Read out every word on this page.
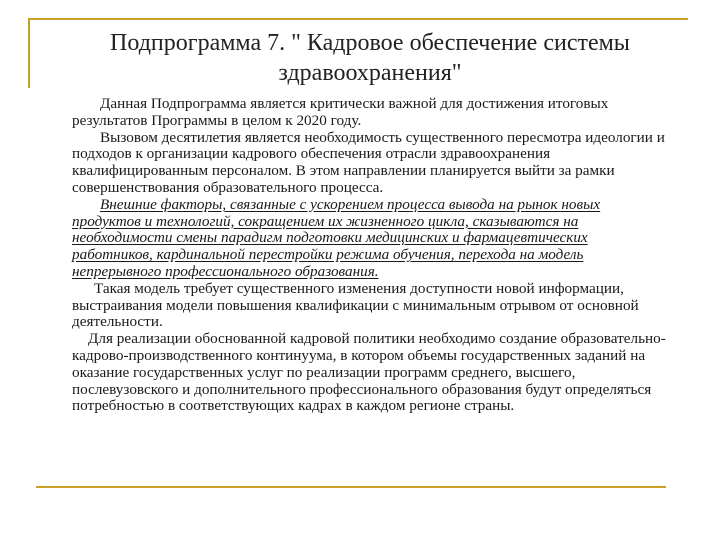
Подпрограмма 7. " Кадровое обеспечение системы здравоохранения"

Данная Подпрограмма является критически важной для достижения итоговых результатов Программы в целом к 2020 году.

Вызовом десятилетия является необходимость существенного пересмотра идеологии и подходов к организации кадрового обеспечения отрасли здравоохранения квалифицированным персоналом. В этом направлении планируется выйти за рамки совершенствования образовательного процесса.

Внешние факторы, связанные с ускорением процесса вывода на рынок новых продуктов и технологий, сокращением их жизненного цикла, сказываются на необходимости смены парадигм подготовки медицинских и фармацевтических работников, кардинальной перестройки режима обучения, перехода на модель непрерывного профессионального образования.

Такая модель требует существенного изменения доступности новой информации, выстраивания модели повышения квалификации с минимальным отрывом от основной деятельности.

Для реализации обоснованной кадровой политики необходимо создание образовательно-кадрово-производственного континуума, в котором объемы государственных заданий на оказание государственных услуг по реализации программ среднего, высшего, послевузовского и дополнительного профессионального образования будут определяться потребностью в соответствующих кадрах в каждом регионе страны.
